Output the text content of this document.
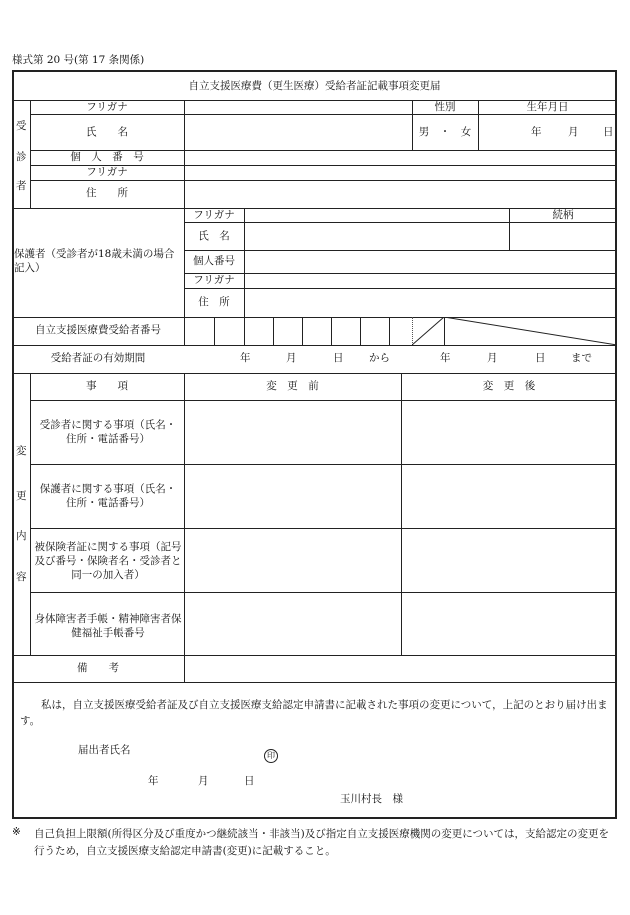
様式第 20 号(第 17 条関係)
自立支援医療費（更生医療）受給者証記載事項変更届
受
診
者
フリガナ	性別	生年月日
氏　　名	男　・　女	年	月 日
個　人　番　号
フリガナ
住　　所
保護者（受診者が18歳未満の場合記入）
フリガナ	続柄
氏　名
個人番号
フリガナ
住　所
自立支援医療費受給者番号
受給者証の有効期間	年	月	日 から	年	月	日 まで
変
更
内
容
事　　項	変　更　前	変　更　後
受診者に関する事項（氏名・住所・電話番号）
保護者に関する事項（氏名・住所・電話番号）
被保険者証に関する事項（記号及び番号・保険者名・受診者と同一の加入者）
身体障害者手帳・精神障害者保健福祉手帳番号
備　　考
私は，自立支援医療受給者証及び自立支援医療支給認定申請書に記載された事項の変更について，上記のとおり届け出ます。
届出者氏名	印
年	月	日
玉川村長　様
※ 自己負担上限額(所得区分及び重度かつ継続該当・非該当)及び指定自立支援医療機関の変更については，支給認定の変更を行うため，自立支援医療支給認定申請書(変更)に記載すること。
